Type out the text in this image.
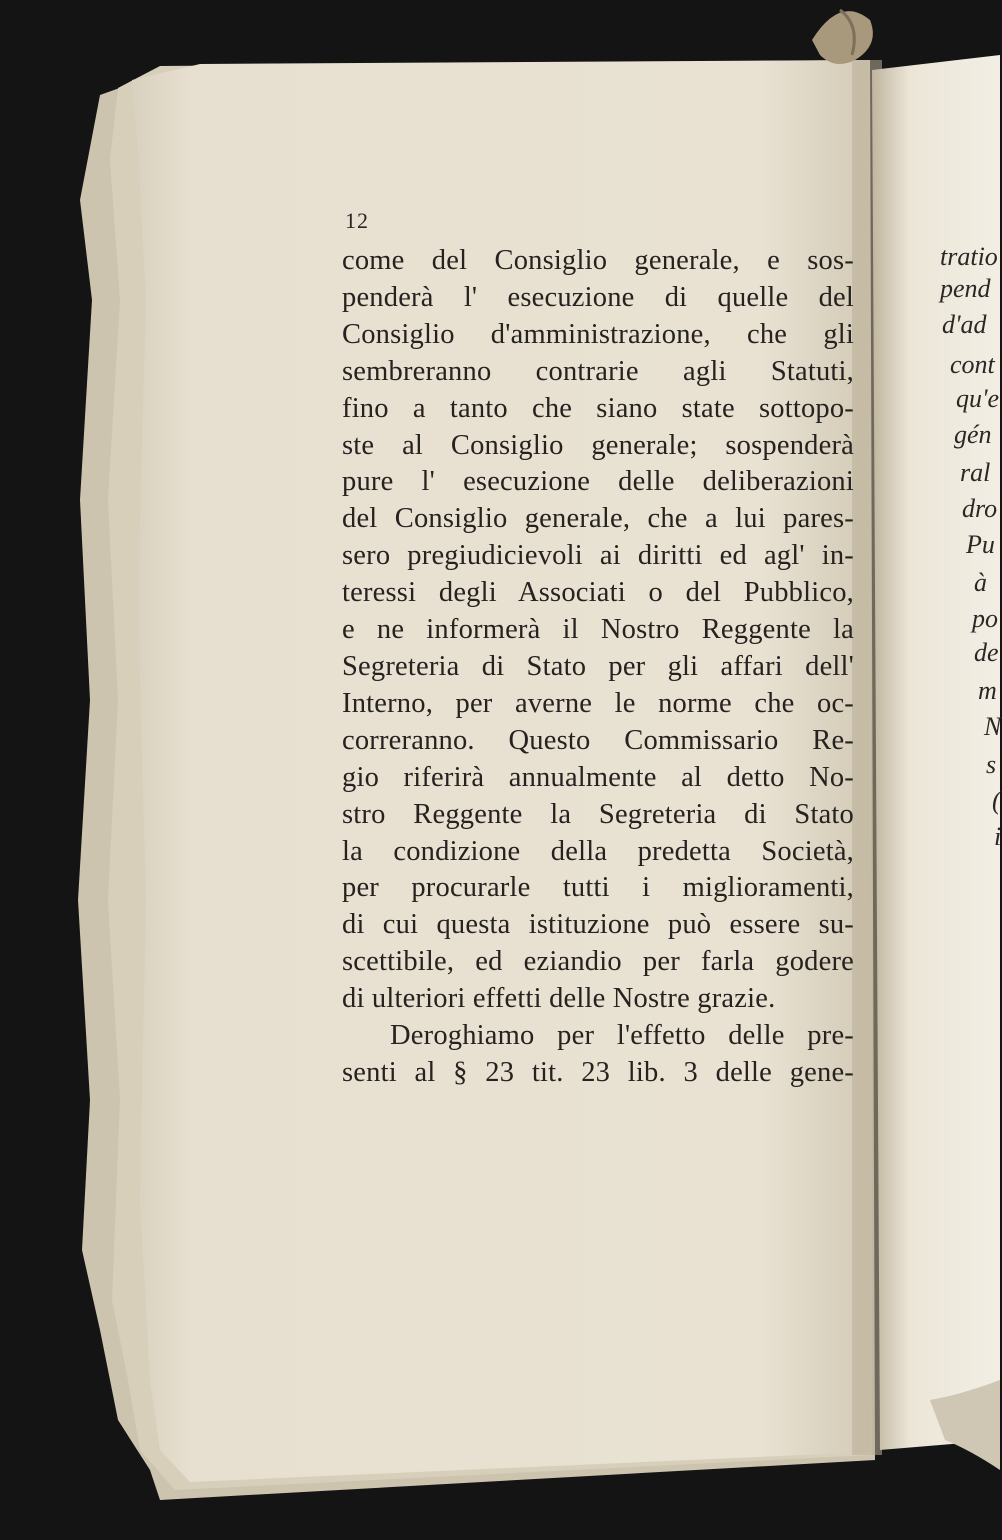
12
come del Consiglio generale, e sos-
penderà l' esecuzione di quelle del
Consiglio d'amministrazione, che gli
sembreranno contrarie agli Statuti,
fino a tanto che siano state sottopo-
ste al Consiglio generale; sospenderà
pure l' esecuzione delle deliberazioni
del Consiglio generale, che a lui pares-
sero pregiudicievoli ai diritti ed agl' in-
teressi degli Associati o del Pubblico,
e ne informerà il Nostro Reggente la
Segreteria di Stato per gli affari dell'
Interno, per averne le norme che oc-
correranno. Questo Commissario Re-
gio riferirà annualmente al detto No-
stro Reggente la Segreteria di Stato
la condizione della predetta Società,
per procurarle tutti i miglioramenti,
di cui questa istituzione può essere su-
scettibile, ed eziandio per farla godere
di ulteriori effetti delle Nostre grazie.
Deroghiamo per l'effetto delle pre-
senti al § 23 tit. 23 lib. 3 delle gene-
tratio
pend
d'ad
cont
qu'e
gén
ral
dro
Pu
à
po
de
m
N
s
(
i
